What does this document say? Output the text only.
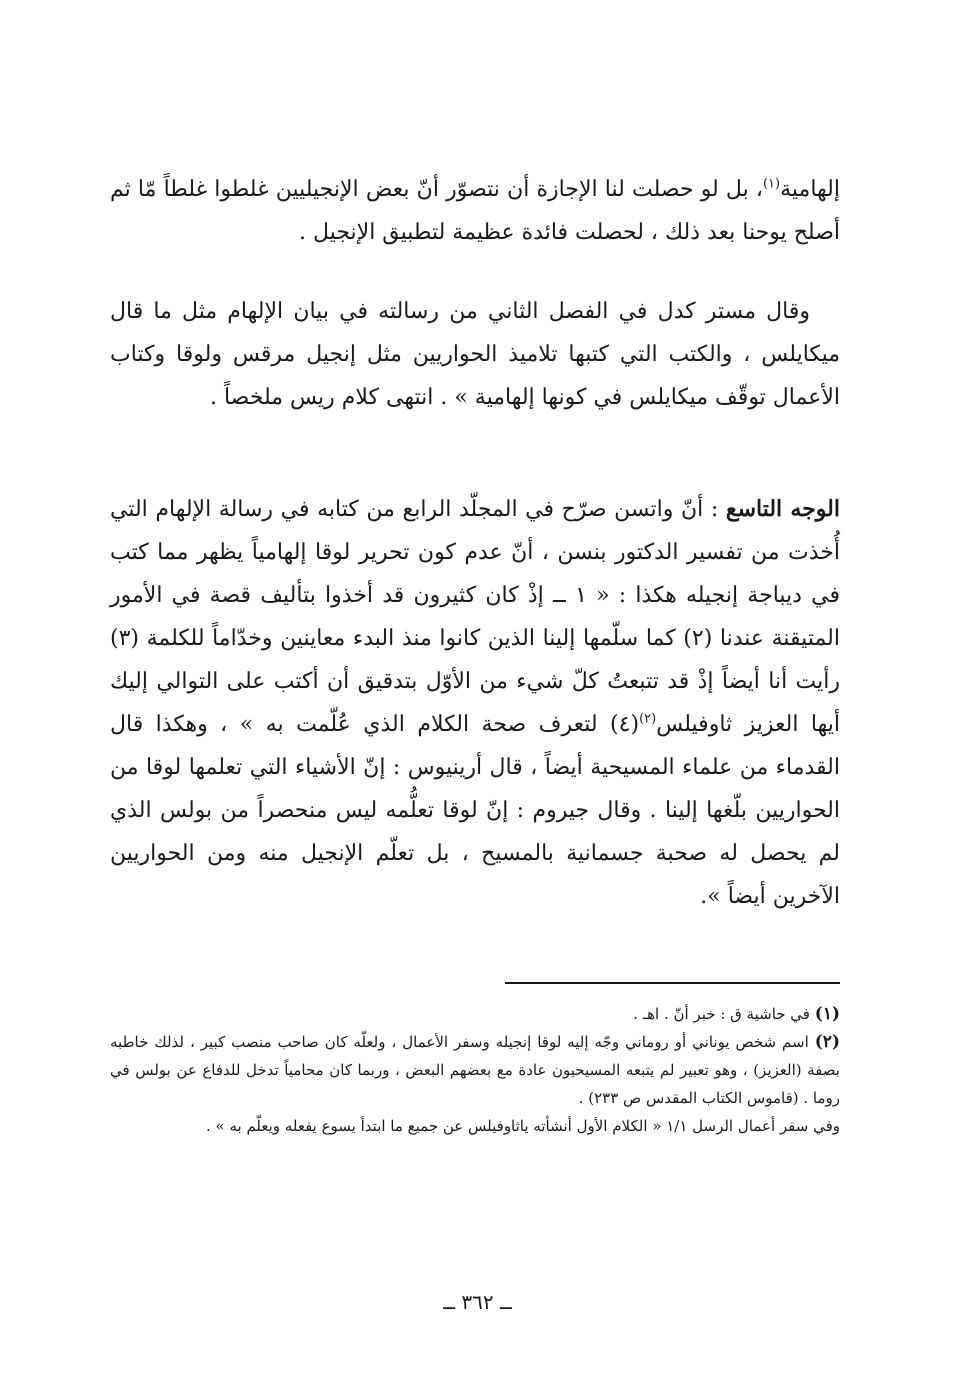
إلهامية$^{(١)}$، بل لو حصلت لنا الإجازة أن نتصوّر أنّ بعض الإنجيليين غلطوا غلطاً مّا ثم أصلح يوحنا بعد ذلك ، لحصلت فائدة عظيمة لتطبيق الإنجيل .
وقال مستر كدل في الفصل الثاني من رسالته في بيان الإلهام مثل ما قال ميكايلس ، والكتب التي كتبها تلاميذ الحواريين مثل إنجيل مرقس ولوقا وكتاب الأعمال توقّف ميكايلس في كونها إلهامية » . انتهى كلام ريس ملخصاً .
الوجه التاسع : أنّ واتسن صرّح في المجلّد الرابع من كتابه في رسالة الإلهام التي أُخذت من تفسير الدكتور بنسن ، أنّ عدم كون تحرير لوقا إلهامياً يظهر مما كتب في ديباجة إنجيله هكذا : « ١ ــ إذْ كان كثيرون قد أخذوا بتأليف قصة في الأمور المتيقنة عندنا (٢) كما سلّمها إلينا الذين كانوا منذ البدء معاينين وخدّاماً للكلمة (٣) رأيت أنا أيضاً إذْ قد تتبعتُ كلّ شيء من الأوّل بتدقيق أن أكتب على التوالي إليك أيها العزيز ثاوفيلس$^{(٢)}$(٤) لتعرف صحة الكلام الذي عُلّمت به » ، وهكذا قال القدماء من علماء المسيحية أيضاً ، قال أرينيوس : إنّ الأشياء التي تعلمها لوقا من الحواريين بلّغها إلينا . وقال جيروم : إنّ لوقا تعلُّمه ليس منحصراً من بولس الذي لم يحصل له صحبة جسمانية بالمسيح ، بل تعلّم الإنجيل منه ومن الحواريين الآخرين أيضاً ».

(١) في حاشية ق : خبر أنّ . اهـ .

(٢) اسم شخص يوناني أو روماني وجّه إليه لوقا إنجيله وسفر الأعمال ، ولعلّه كان صاحب منصب كبير ، لذلك خاطبه بصفة (العزيز) ، وهو تعبير لم يتبعه المسيحيون عادة مع بعضهم البعض ، وربما كان محامياً تدخل للدفاع عن بولس في روما . (قاموس الكتاب المقدس ص ٢٣٣) .

وفي سفر أعمال الرسل ١/١ « الكلام الأول أنشأته ياثاوفيلس عن جميع ما ابتدأ يسوع يفعله ويعلّم به » .

ــ ٣٦٢ ــ
